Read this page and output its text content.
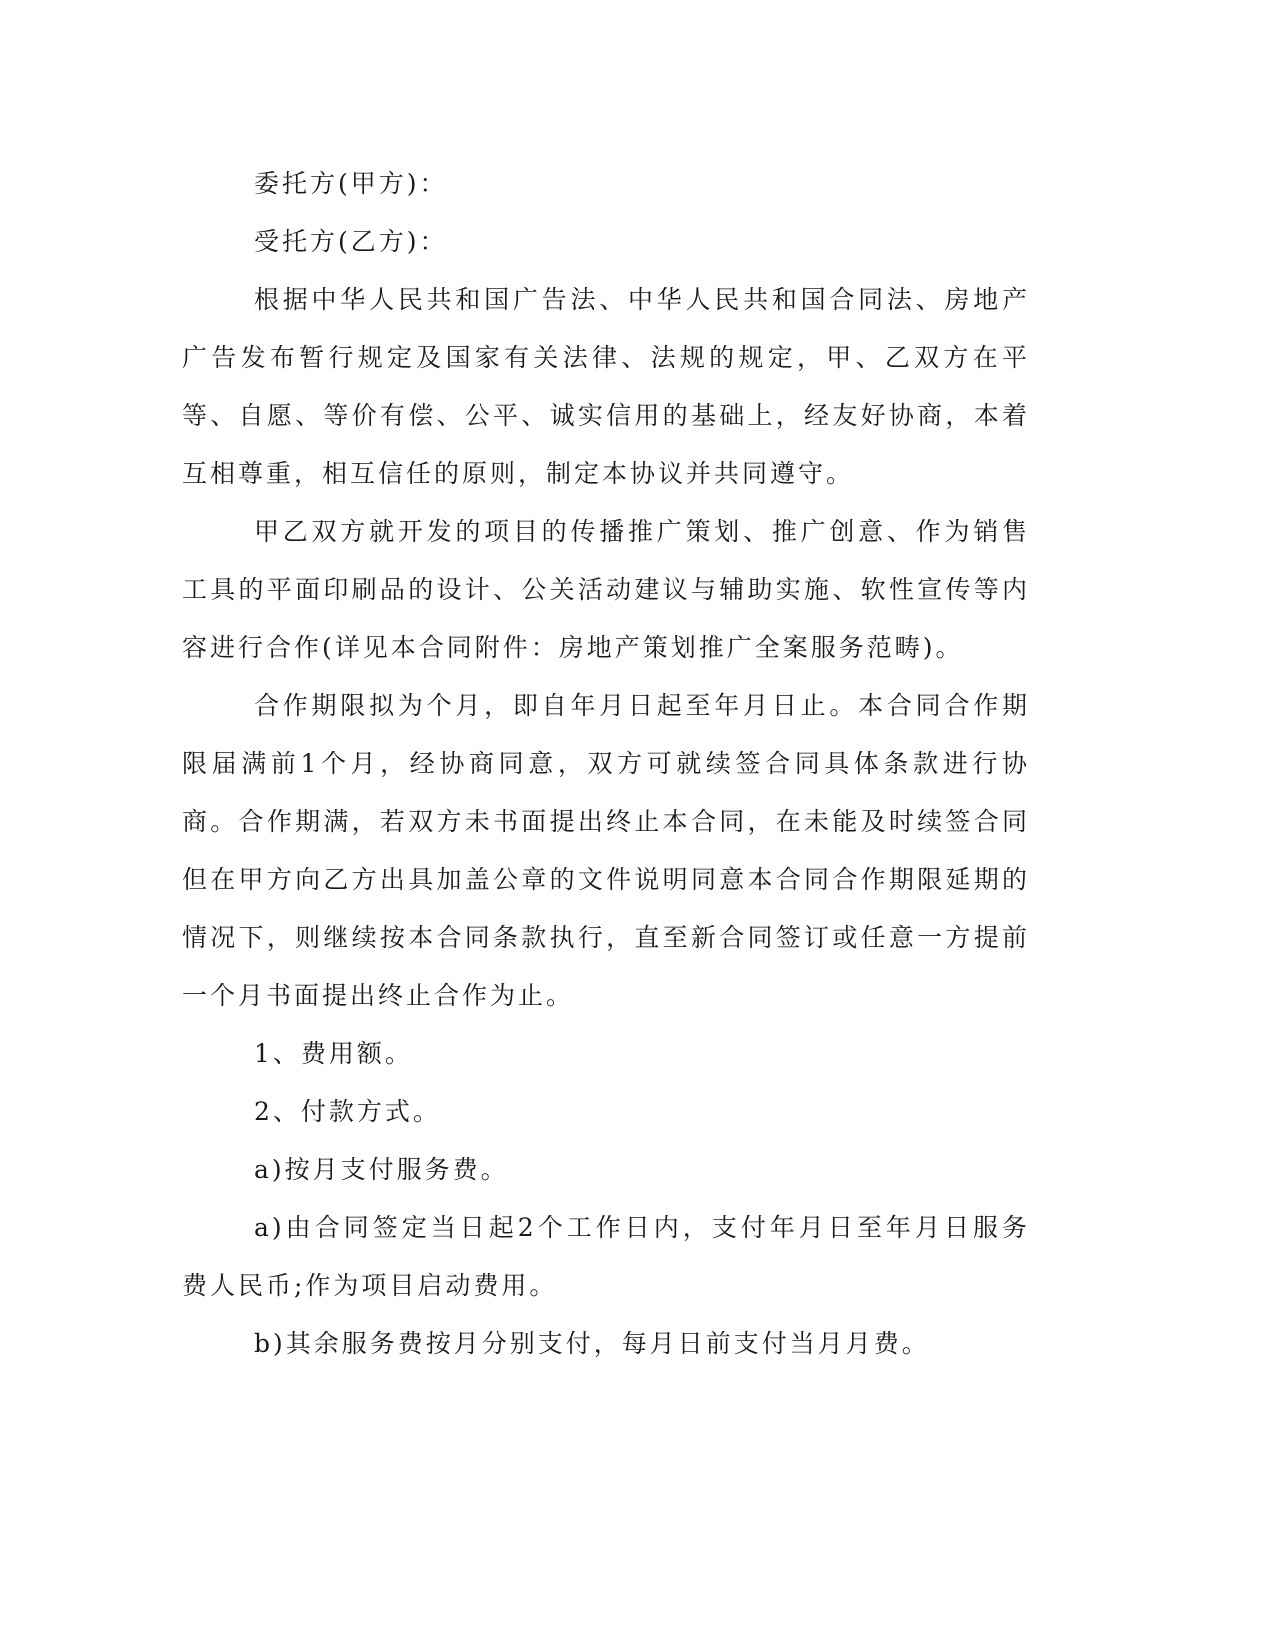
委托方(甲方)：

受托方(乙方)：

根据中华人民共和国广告法、中华人民共和国合同法、房地产广告发布暂行规定及国家有关法律、法规的规定，甲、乙双方在平等、自愿、等价有偿、公平、诚实信用的基础上，经友好协商，本着互相尊重，相互信任的原则，制定本协议并共同遵守。

甲乙双方就开发的项目的传播推广策划、推广创意、作为销售工具的平面印刷品的设计、公关活动建议与辅助实施、软性宣传等内容进行合作(详见本合同附件：房地产策划推广全案服务范畴)。

合作期限拟为个月，即自年月日起至年月日止。本合同合作期限届满前1个月，经协商同意，双方可就续签合同具体条款进行协商。合作期满，若双方未书面提出终止本合同，在未能及时续签合同但在甲方向乙方出具加盖公章的文件说明同意本合同合作期限延期的情况下，则继续按本合同条款执行，直至新合同签订或任意一方提前一个月书面提出终止合作为止。

1、费用额。

2、付款方式。

a)按月支付服务费。

a)由合同签定当日起2个工作日内，支付年月日至年月日服务费人民币;作为项目启动费用。

b)其余服务费按月分别支付，每月日前支付当月月费。
